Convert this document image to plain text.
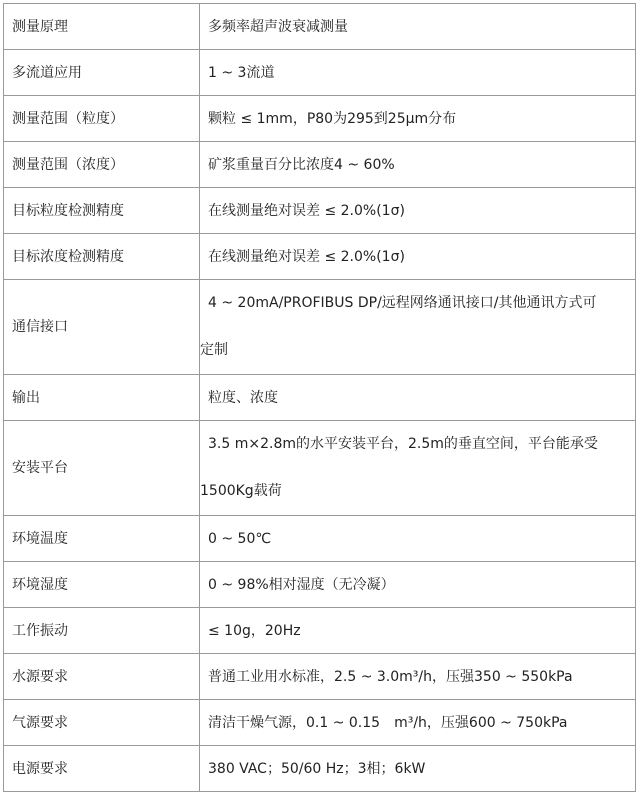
测量原理	多频率超声波衰减测量
多流道应用	1 ~ 3流道
测量范围（粒度）	颗粒 ≤ 1mm，P80为295到25μm分布
测量范围（浓度）	矿浆重量百分比浓度4 ~ 60%
目标粒度检测精度	在线测量绝对误差 ≤ 2.0%(1σ)
目标浓度检测精度	在线测量绝对误差 ≤ 2.0%(1σ)
通信接口	4 ~ 20mA/PROFIBUS DP/远程网络通讯接口/其他通讯方式可
定制
输出	粒度、浓度
安装平台	3.5 m×2.8m的水平安装平台，2.5m的垂直空间，平台能承受
1500Kg载荷
环境温度	0 ~ 50℃
环境湿度	0 ~ 98%相对湿度（无冷凝）
工作振动	≤ 10g，20Hz
水源要求	普通工业用水标准，2.5 ~ 3.0m³/h，压强350 ~ 550kPa
气源要求	清洁干燥气源，0.1 ~ 0.15　m³/h，压强600 ~ 750kPa
电源要求	380 VAC；50/60 Hz；3相；6kW
